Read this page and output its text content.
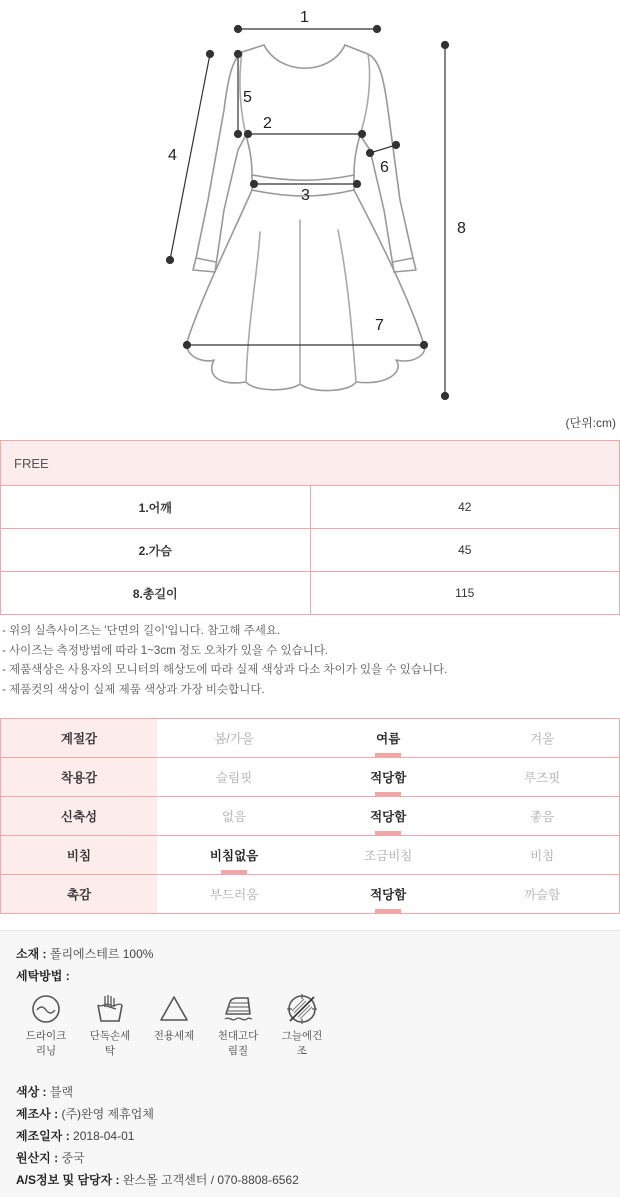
1
2
3
4
5
6
7
8
(단위:cm)
FREE	
1.어깨	42
2.가슴	45
8.총길이	115
- 위의 실측사이즈는 '단면의 길이'입니다. 참고해 주세요.
- 사이즈는 측정방법에 따라 1~3cm 정도 오차가 있을 수 있습니다.
- 제품색상은 사용자의 모니터의 해상도에 따라 실제 색상과 다소 차이가 있을 수 있습니다.
- 제품컷의 색상이 실제 제품 색상과 가장 비슷합니다.
계절감	봄/가을	여름	겨울
착용감	슬림핏	적당함	루즈핏
신축성	없음	적당함	좋음
비침	비침없음	조금비침	비침
촉감	부드러움	적당함	까슬함
소재 : 폴리에스테르 100%
세탁방법 :
드라이크
리닝
단독손세
탁
전용세제	천대고다
림질
그늘에건
조
색상 : 블랙
제조사 : (주)완영 제휴업체
제조일자 : 2018-04-01
원산지 : 중국
A/S정보 및 담당자 : 완스몰 고객센터 / 070-8808-6562
